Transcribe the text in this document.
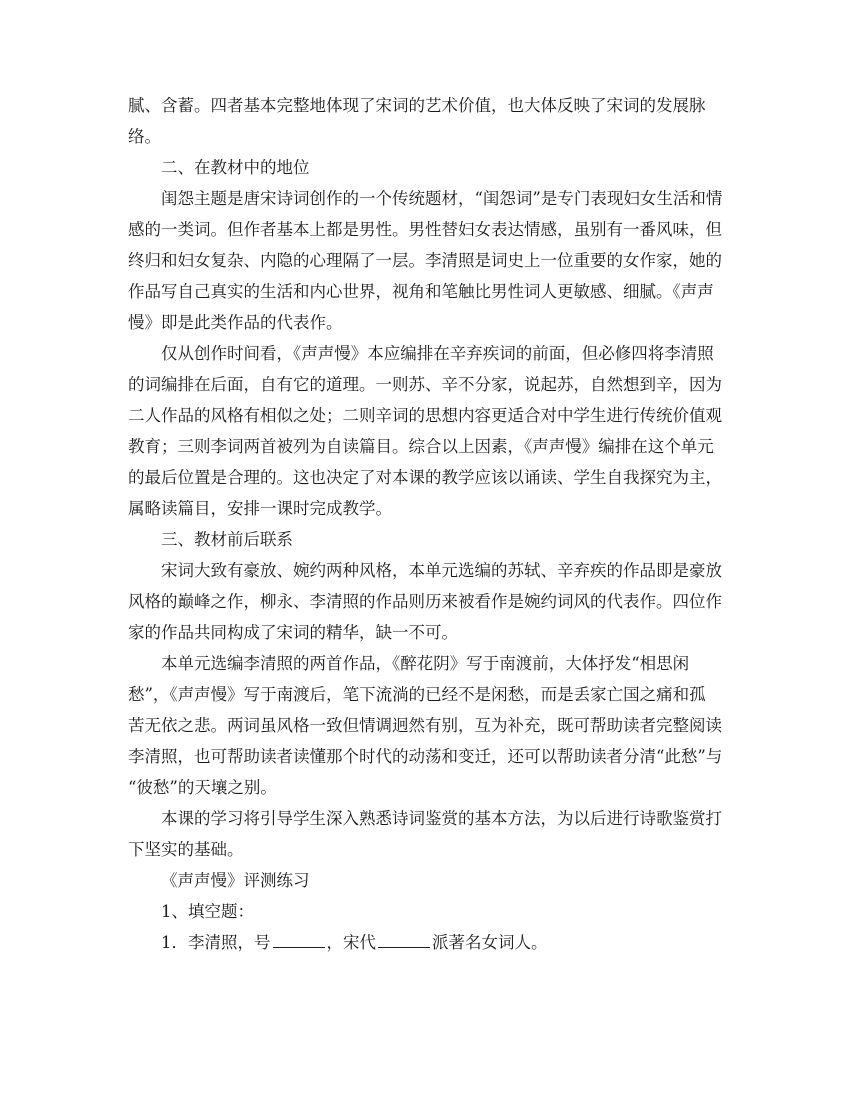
腻、含蓄。四者基本完整地体现了宋词的艺术价值，也大体反映了宋词的发展脉

络。

二、在教材中的地位

闺怨主题是唐宋诗词创作的一个传统题材，“闺怨词”是专门表现妇女生活和情

感的一类词。但作者基本上都是男性。男性替妇女表达情感，虽别有一番风味，但

终归和妇女复杂、内隐的心理隔了一层。李清照是词史上一位重要的女作家，她的

作品写自己真实的生活和内心世界，视角和笔触比男性词人更敏感、细腻。《声声

慢》即是此类作品的代表作。

仅从创作时间看，《声声慢》本应编排在辛弃疾词的前面，但必修四将李清照

的词编排在后面，自有它的道理。一则苏、辛不分家，说起苏，自然想到辛，因为

二人作品的风格有相似之处；二则辛词的思想内容更适合对中学生进行传统价值观

教育；三则李词两首被列为自读篇目。综合以上因素，《声声慢》编排在这个单元

的最后位置是合理的。这也决定了对本课的教学应该以诵读、学生自我探究为主，

属略读篇目，安排一课时完成教学。

三、教材前后联系

宋词大致有豪放、婉约两种风格，本单元选编的苏轼、辛弃疾的作品即是豪放

风格的巅峰之作，柳永、李清照的作品则历来被看作是婉约词风的代表作。四位作

家的作品共同构成了宋词的精华，缺一不可。

本单元选编李清照的两首作品，《醉花阴》写于南渡前，大体抒发“相思闲

愁”，《声声慢》写于南渡后，笔下流淌的已经不是闲愁，而是丢家亡国之痛和孤

苦无依之悲。两词虽风格一致但情调迥然有别，互为补充，既可帮助读者完整阅读

李清照，也可帮助读者读懂那个时代的动荡和变迁，还可以帮助读者分清“此愁”与

“彼愁”的天壤之别。

本课的学习将引导学生深入熟悉诗词鉴赏的基本方法，为以后进行诗歌鉴赏打

下坚实的基础。

《声声慢》评测练习

1、填空题：

1．李清照，号	，宋代	派著名女词人。
